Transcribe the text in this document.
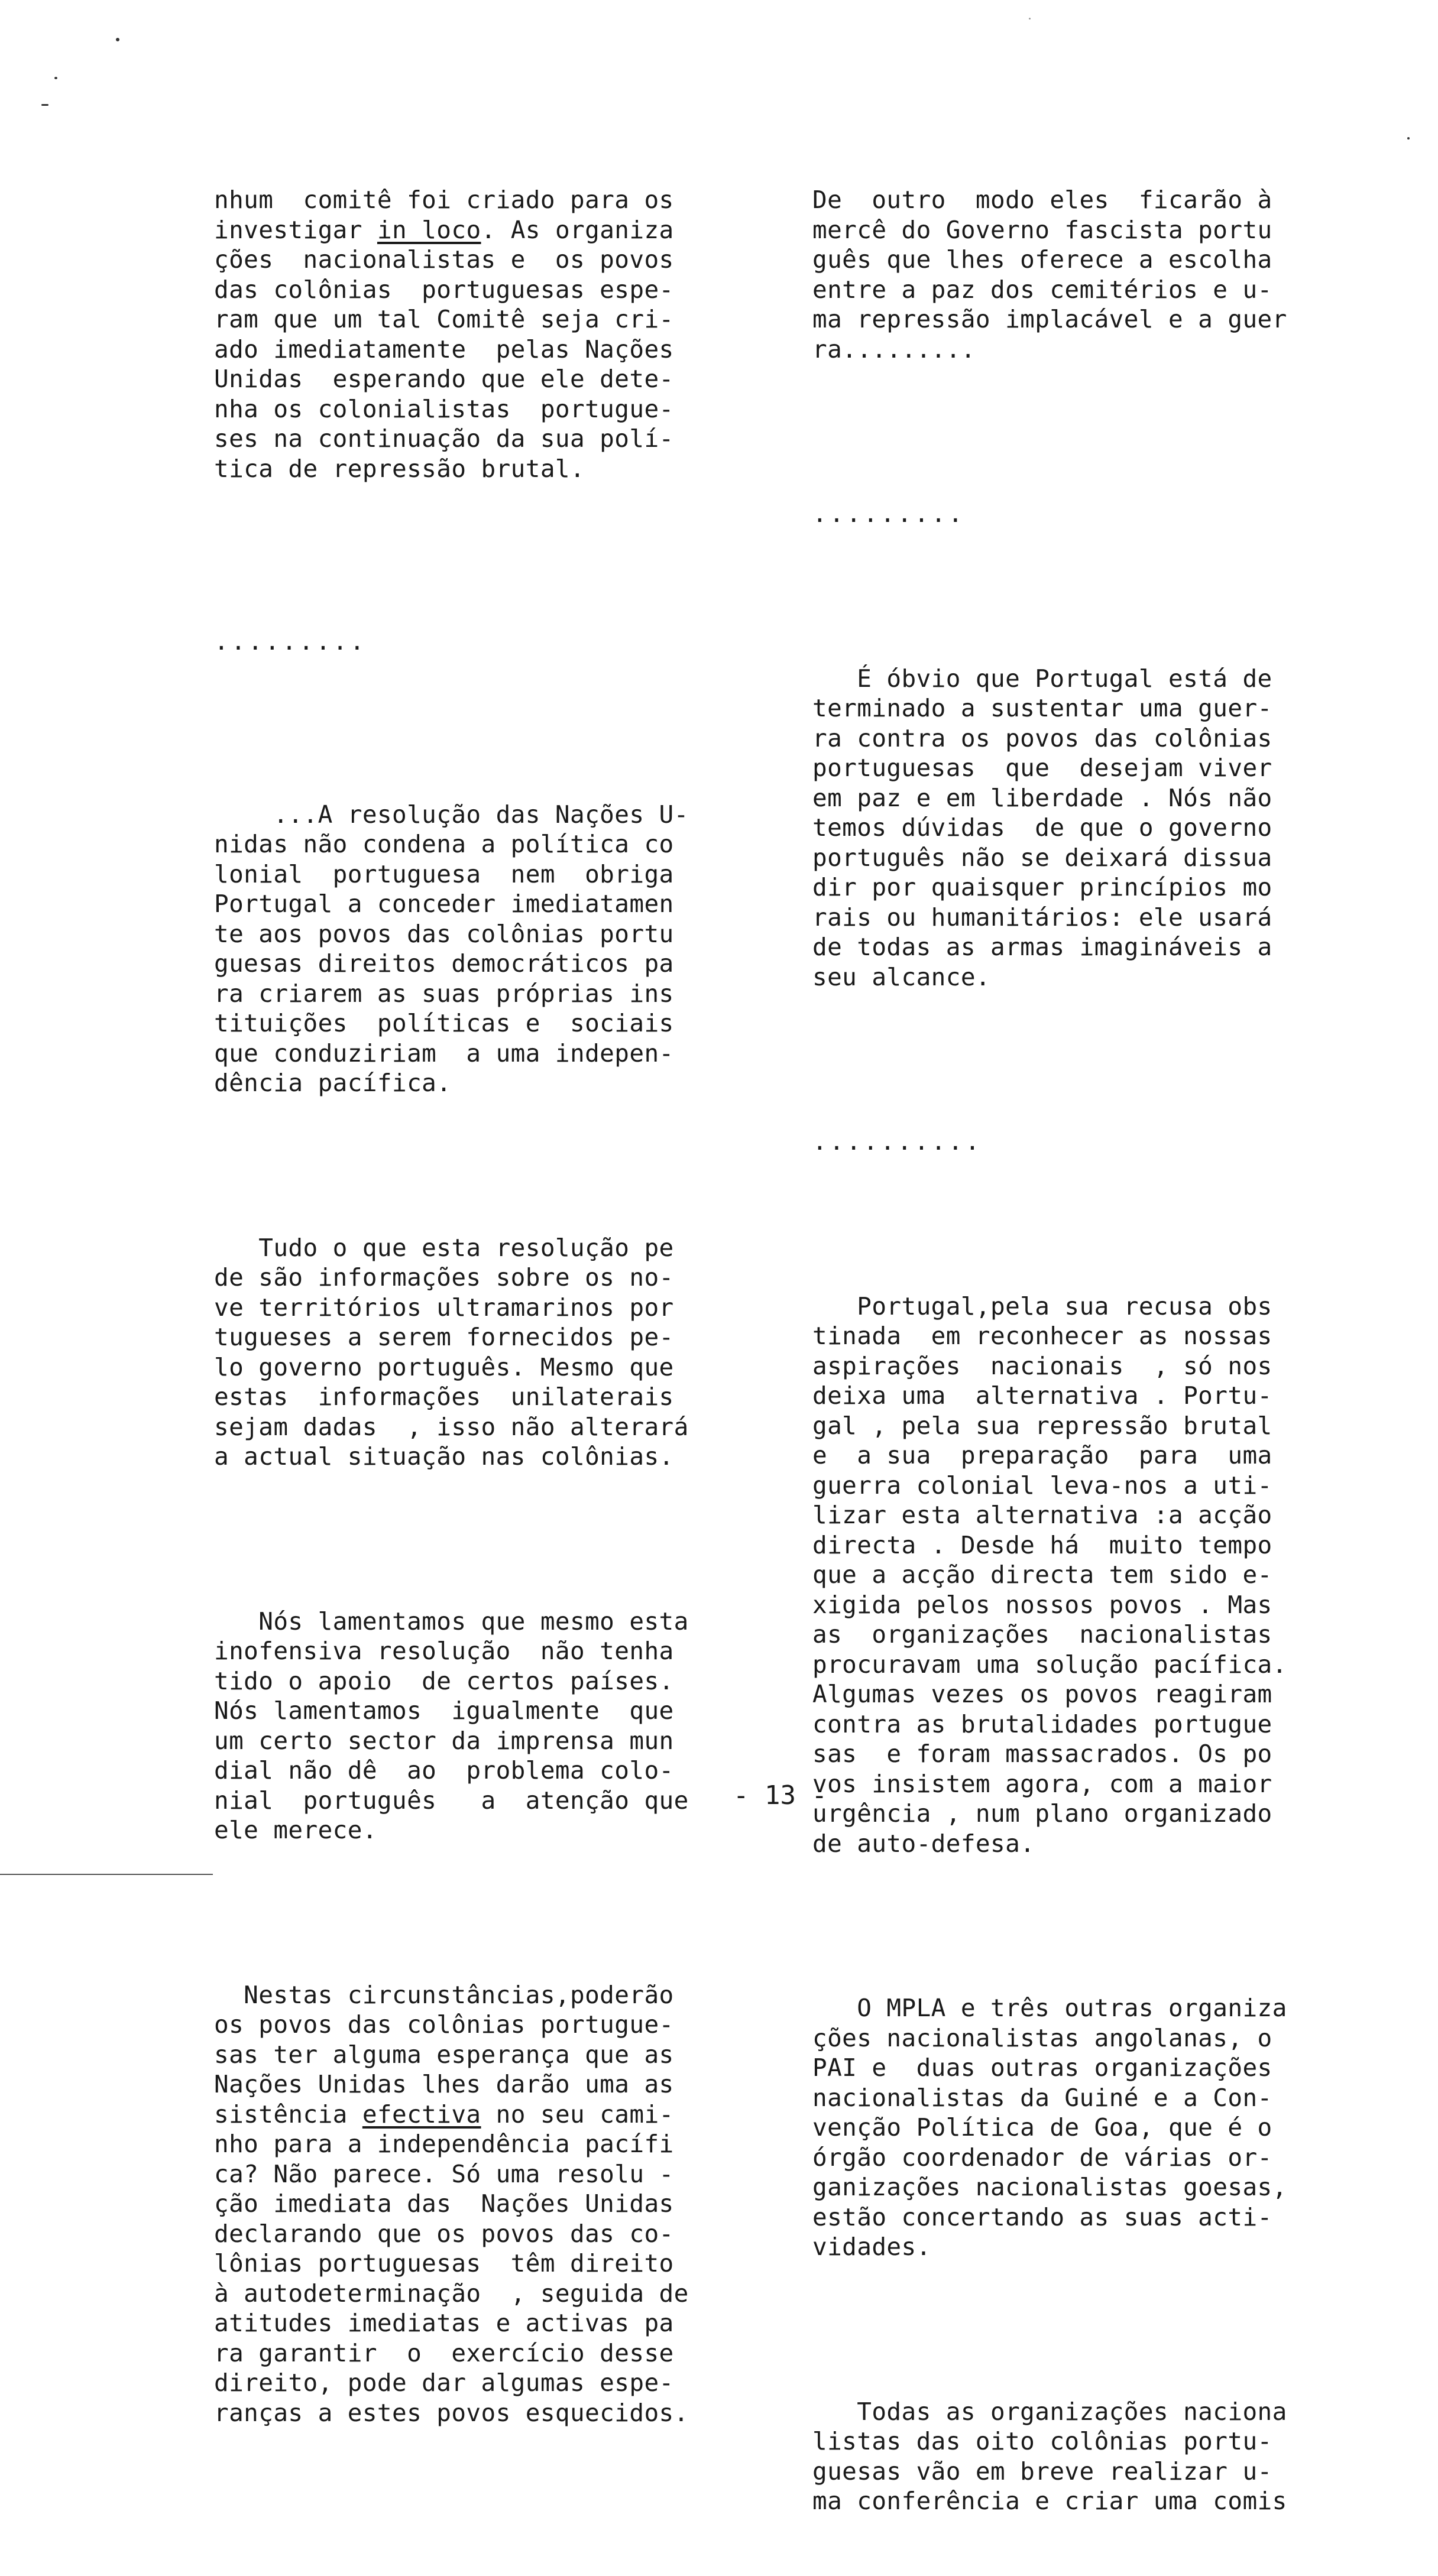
nhum  comitê foi criado para os
investigar in loco. As organiza
ções  nacionalistas e  os povos
das colônias  portuguesas espe-
ram que um tal Comitê seja cri-
ado imediatamente  pelas Nações
Unidas  esperando que ele dete-
nha os colonialistas  portugue-
ses na continuação da sua polí-
tica de repressão brutal.

.........

...A resolução das Nações U-
nidas não condena a política co
lonial  portuguesa  nem  obriga
Portugal a conceder imediatamen
te aos povos das colônias portu
guesas direitos democráticos pa
ra criarem as suas próprias ins
tituições  políticas e  sociais
que conduziriam  a uma indepen-
dência pacífica.

Tudo o que esta resolução pe
de são informações sobre os no-
ve territórios ultramarinos por
tugueses a serem fornecidos pe-
lo governo português. Mesmo que
estas  informações  unilaterais
sejam dadas  , isso não alterará
a actual situação nas colônias.

Nós lamentamos que mesmo esta
inofensiva resolução  não tenha
tido o apoio  de certos países.
Nós lamentamos  igualmente  que
um certo sector da imprensa mun
dial não dê  ao  problema colo-
nial  português   a  atenção que
ele merece.

Nestas circunstâncias,poderão
os povos das colônias portugue-
sas ter alguma esperança que as
Nações Unidas lhes darão uma as
sistência efectiva no seu cami-
nho para a independência pacífi
ca? Não parece. Só uma resolu -
ção imediata das  Nações Unidas
declarando que os povos das co-
lônias portuguesas  têm direito
à autodeterminação  , seguida de
atitudes imediatas e activas pa
ra garantir  o  exercício desse
direito, pode dar algumas espe-
ranças a estes povos esquecidos.

De  outro  modo eles  ficarão à
mercê do Governo fascista portu
guês que lhes oferece a escolha
entre a paz dos cemitérios e u-
ma repressão implacável e a guer
ra.........

.........

É óbvio que Portugal está de
terminado a sustentar uma guer-
ra contra os povos das colônias
portuguesas  que  desejam viver
em paz e em liberdade . Nós não
temos dúvidas  de que o governo
português não se deixará dissua
dir por quaisquer princípios mo
rais ou humanitários: ele usará
de todas as armas imagináveis a
seu alcance.

..........

Portugal,pela sua recusa obs
tinada  em reconhecer as nossas
aspirações  nacionais  , só nos
deixa uma  alternativa . Portu-
gal , pela sua repressão brutal
e  a sua  preparação  para  uma
guerra colonial leva-nos a uti-
lizar esta alternativa :a acção
directa . Desde há  muito tempo
que a acção directa tem sido e-
xigida pelos nossos povos . Mas
as  organizações  nacionalistas
procuravam uma solução pacífica.
Algumas vezes os povos reagiram
contra as brutalidades portugue
sas  e foram massacrados. Os po
vos insistem agora, com a maior
urgência , num plano organizado
de auto-defesa.

O MPLA e três outras organiza
ções nacionalistas angolanas, o
PAI e  duas outras organizações
nacionalistas da Guiné e a Con-
venção Política de Goa, que é o
órgão coordenador de várias or-
ganizações nacionalistas goesas,
estão concertando as suas acti-
vidades.

Todas as organizações naciona
listas das oito colônias portu-
guesas vão em breve realizar u-
ma conferência e criar uma comis

- 13 -
